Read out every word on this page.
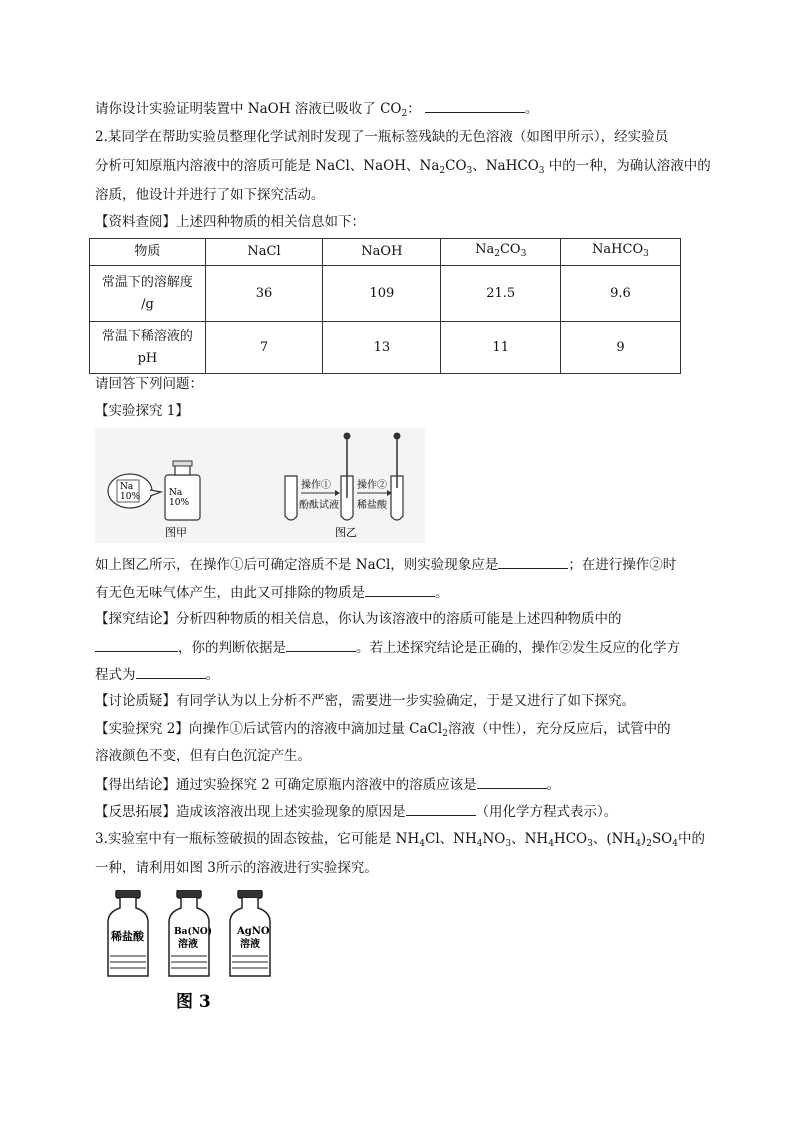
请你设计实验证明装置中 NaOH 溶液已吸收了 $CO_2$：	。
2.某同学在帮助实验员整理化学试剂时发现了一瓶标签残缺的无色溶液（如图甲所示），经实验员
分析可知原瓶内溶液中的溶质可能是 NaCl、NaOH、$Na_2CO_3$、NaHCO$_3$ 中的一种，为确认溶液中的
溶质，他设计并进行了如下探究活动。
【资料查阅】上述四种物质的相关信息如下：
物质	NaCl	NaOH	$Na_2CO_3$	NaHCO$_3$
常温下的溶解度
/g	36	109	21.5	9.6
常温下稀溶液的
pH	7	13	11	9
请回答下列问题：
【实验探究 1】
Na
10%	Na
10%
图甲
操作①
酚酞试液
操作②
稀盐酸
图乙
如上图乙所示，在操作①后可确定溶质不是 NaCl，则实验现象应是	；在进行操作②时
有无色无味气体产生，由此又可排除的物质是	。
【探究结论】分析四种物质的相关信息，你认为该溶液中的溶质可能是上述四种物质中的
，你的判断依据是	。若上述探究结论是正确的，操作②发生反应的化学方
程式为	。
【讨论质疑】有同学认为以上分析不严密，需要进一步实验确定，于是又进行了如下探究。
【实验探究 2】向操作①后试管内的溶液中滴加过量 CaCl$_2$溶液（中性），充分反应后，试管中的
溶液颜色不变，但有白色沉淀产生。
【得出结论】通过实验探究 2 可确定原瓶内溶液中的溶质应该是	。
【反思拓展】造成该溶液出现上述实验现象的原因是	（用化学方程式表示）。
3.实验室中有一瓶标签破损的固态铵盐，它可能是 $NH_4Cl$、$NH_4NO_3$、$NH_4HCO_3$、$(NH_4)_2SO_4$中的
一种，请利用如图 3所示的溶液进行实验探究。
稀盐酸	Ba(NO)
溶液
AgNO
溶液
图 3
